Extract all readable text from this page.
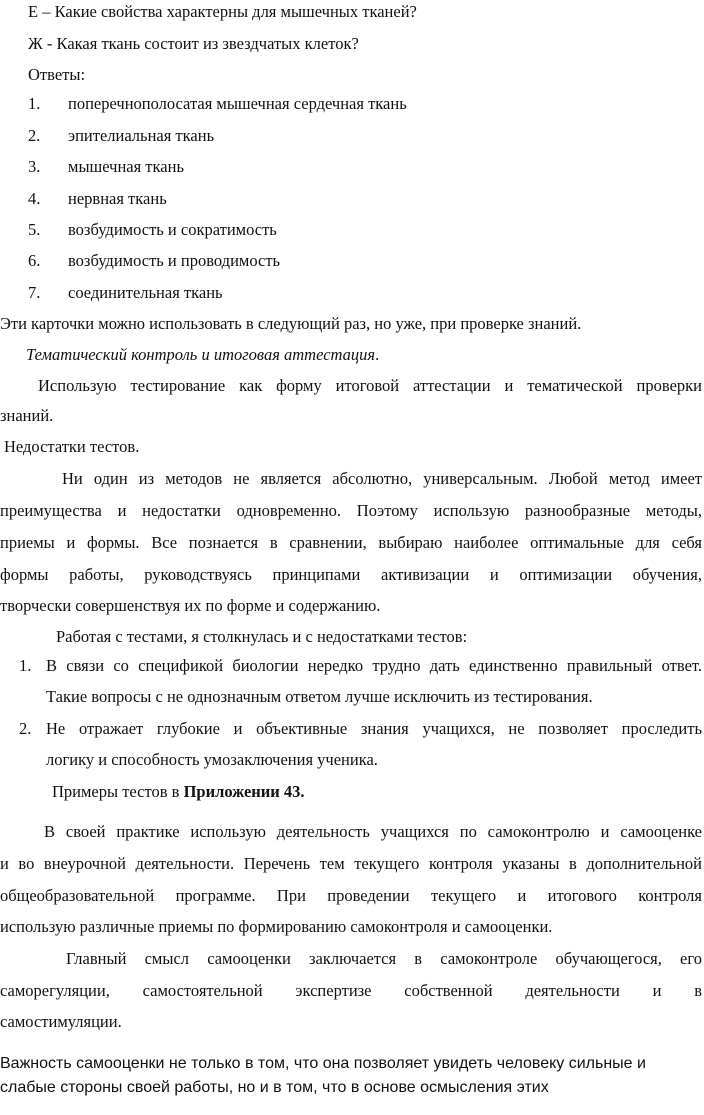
Е – Какие свойства характерны для мышечных тканей?
Ж - Какая ткань состоит из звездчатых клеток?
Ответы:
1. поперечнополосатая мышечная сердечная ткань
2. эпителиальная ткань
3. мышечная ткань
4. нервная ткань
5. возбудимость и сократимость
6. возбудимость и проводимость
7. соединительная ткань
Эти карточки можно использовать в следующий раз, но уже, при проверке знаний.
Тематический контроль и итоговая аттестация.
Использую тестирование как форму итоговой аттестации и тематической проверки
знаний.
Недостатки тестов.
Ни один из методов не является абсолютно, универсальным. Любой метод имеет
преимущества и недостатки одновременно. Поэтому использую разнообразные методы,
приемы и формы. Все познается в сравнении, выбираю наиболее оптимальные для себя
формы работы, руководствуясь принципами активизации и оптимизации обучения,
творчески совершенствуя их по форме и содержанию.
Работая с тестами, я столкнулась и с недостатками тестов:
1. В связи со спецификой биологии нередко трудно дать единственно правильный ответ.
Такие вопросы с не однозначным ответом лучше исключить из тестирования.
2. Не отражает глубокие и объективные знания учащихся, не позволяет проследить
логику и способность умозаключения ученика.
Примеры тестов в Приложении 43.
В своей практике использую деятельность учащихся по самоконтролю и самооценке
и во внеурочной деятельности. Перечень тем текущего контроля указаны в дополнительной
общеобразовательной программе. При проведении текущего и итогового контроля
использую различные приемы по формированию самоконтроля и самооценки.
Главный смысл самооценки заключается в самоконтроле обучающегося, его
саморегуляции, самостоятельной экспертизе собственной деятельности и в
самостимуляции.
Важность самооценки не только в том, что она позволяет увидеть человеку сильные и
слабые стороны своей работы, но и в том, что в основе осмысления этих
